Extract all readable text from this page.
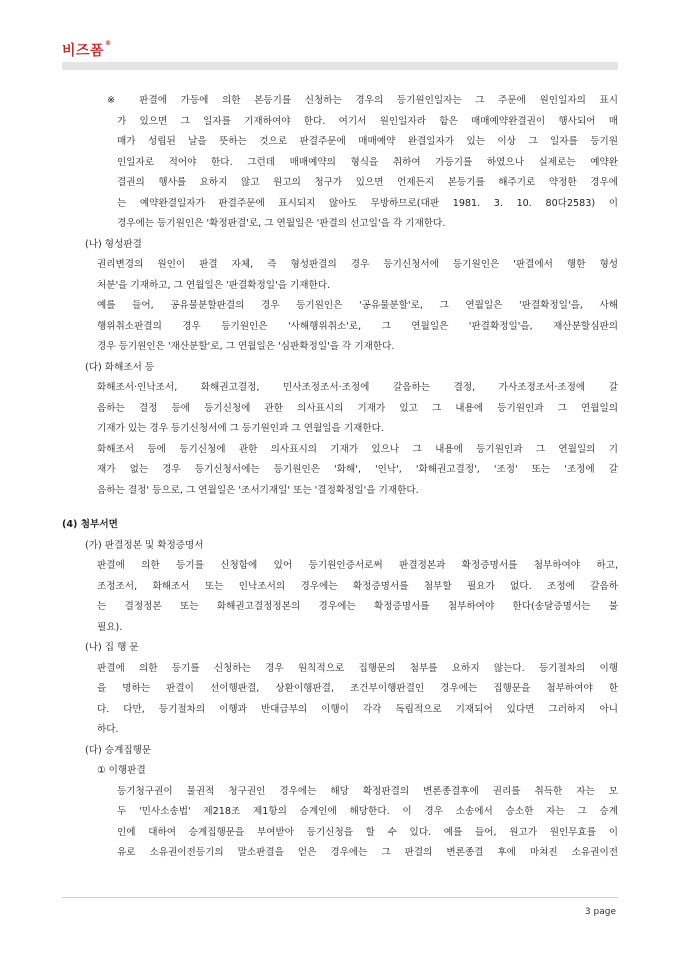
비즈폼®
※ 판결에 가등에 의한 본등기를 신청하는 경우의 등기원인일자는 그 주문에 원인일자의 표시
가 있으면 그 일자를 기재하여야 한다. 여기서 원인일자라 함은 매매예약완결권이 행사되어 매
매가 성립된 날을 뜻하는 것으로 판결주문에 매매예약 완결일자가 있는 이상 그 일자를 등기원
인일자로 적어야 한다. 그런데 매매예약의 형식을 취하여 가등기를 하였으나 실제로는 예약완
결권의 행사를 요하지 않고 원고의 청구가 있으면 언제든지 본등기를 해주기로 약정한 경우에
는 예약완결일자가 판결주문에 표시되지 않아도 무방하므로(대판 1981. 3. 10. 80다2583) 이
경우에는 등기원인은 '확정판결'로, 그 연월일은 '판결의 선고일'을 각 기재한다.
(나) 형성판결
권리변경의 원인이 판결 자체, 즉 형성판결의 경우 등기신청서에 등기원인은 '판결에서 행한 형성
처분'을 기재하고, 그 연월일은 '판결확정일'을 기재한다.
예를 들어, 공유물분할판결의 경우 등기원인은 '공유물분할'로, 그 연월일은 '판결확정일'을, 사해
행위취소판결의 경우 등기원인은 '사해행위취소'로, 그 연월일은 '판결확정일'을, 재산분할심판의
경우 등기원인은 '재산분할'로, 그 연월일은 '심판확정일'을 각 기재한다.
(다) 화해조서 등
화해조서·인낙조서, 화해권고결정, 민사조정조서·조정에 갈음하는 결정, 가사조정조서·조정에 갈
음하는 결정 등에 등기신청에 관한 의사표시의 기재가 있고 그 내용에 등기원인과 그 연월일의
기재가 있는 경우 등기신청서에 그 등기원인과 그 연월일을 기재한다.
화해조서 등에 등기신청에 관한 의사표시의 기재가 있으나 그 내용에 등기원인과 그 연월일의 기
재가 없는 경우 등기신청서에는 등기원인은 '화해', '인낙', '화해권고결정', '조정' 또는 '조정에 갈
음하는 결정' 등으로, 그 연월일은 '조서기재일' 또는 '결정확정일'을 기재한다.
(4) 첨부서면
(가) 판결정본 및 확정증명서
판결에 의한 등기를 신청함에 있어 등기원인증서로써 판결정본과 확정증명서를 첨부하여야 하고,
조정조서, 화해조서 또는 인낙조서의 경우에는 확정증명서를 첨부할 필요가 없다. 조정에 갈음하
는 결정정본 또는 화해권고결정정본의 경우에는 확정증명서를 첨부하여야 한다(송달증명서는 불
필요).
(나) 집 행 문
판결에 의한 등기를 신청하는 경우 원칙적으로 집행문의 첨부를 요하지 않는다. 등기절차의 이행
을 명하는 판결이 선이행판결, 상환이행판결, 조건부이행판결인 경우에는 집행문을 첨부하여야 한
다. 다만, 등기절차의 이행과 반대급부의 이행이 각각 독립적으로 기재되어 있다면 그러하지 아니
하다.
(다) 승계집행문
① 이행판결
등기청구권이 물권적 청구권인 경우에는 해당 확정판결의 변론종결후에 권리를 취득한 자는 모
두 '민사소송법' 제218조 제1항의 승계인에 해당한다. 이 경우 소송에서 승소한 자는 그 승계
인에 대하여 승계집행문을 부여받아 등기신청을 할 수 있다. 예를 들어, 원고가 원인무효를 이
유로 소유권이전등기의 말소판결을 얻은 경우에는 그 판결의 변론종결 후에 마쳐진 소유권이전
3 page
